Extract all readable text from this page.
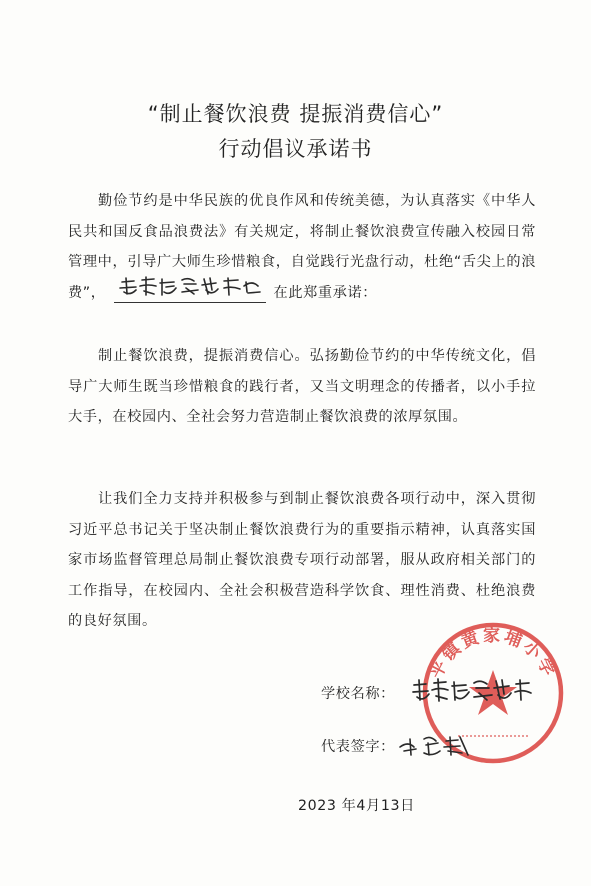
“制止餐饮浪费 提振消费信心”
行动倡议承诺书

勤俭节约是中华民族的优良作风和传统美德，为认真落实《中华人民共和国反食品浪费法》有关规定，将制止餐饮浪费宣传融入校园日常管理中，引导广大师生珍惜粮食，自觉践行光盘行动，杜绝“舌尖上的浪费”，	在此郑重承诺：

制止餐饮浪费，提振消费信心。弘扬勤俭节约的中华传统文化，倡导广大师生既当珍惜粮食的践行者，又当文明理念的传播者，以小手拉大手，在校园内、全社会努力营造制止餐饮浪费的浓厚氛围。

让我们全力支持并积极参与到制止餐饮浪费各项行动中，深入贯彻习近平总书记关于坚决制止餐饮浪费行为的重要指示精神，认真落实国家市场监督管理总局制止餐饮浪费专项行动部署，服从政府相关部门的工作指导，在校园内、全社会积极营造科学饮食、理性消费、杜绝浪费的良好氛围。

平镇黄家埔小学
学校名称：
代表签字：
2023 年4月13日
